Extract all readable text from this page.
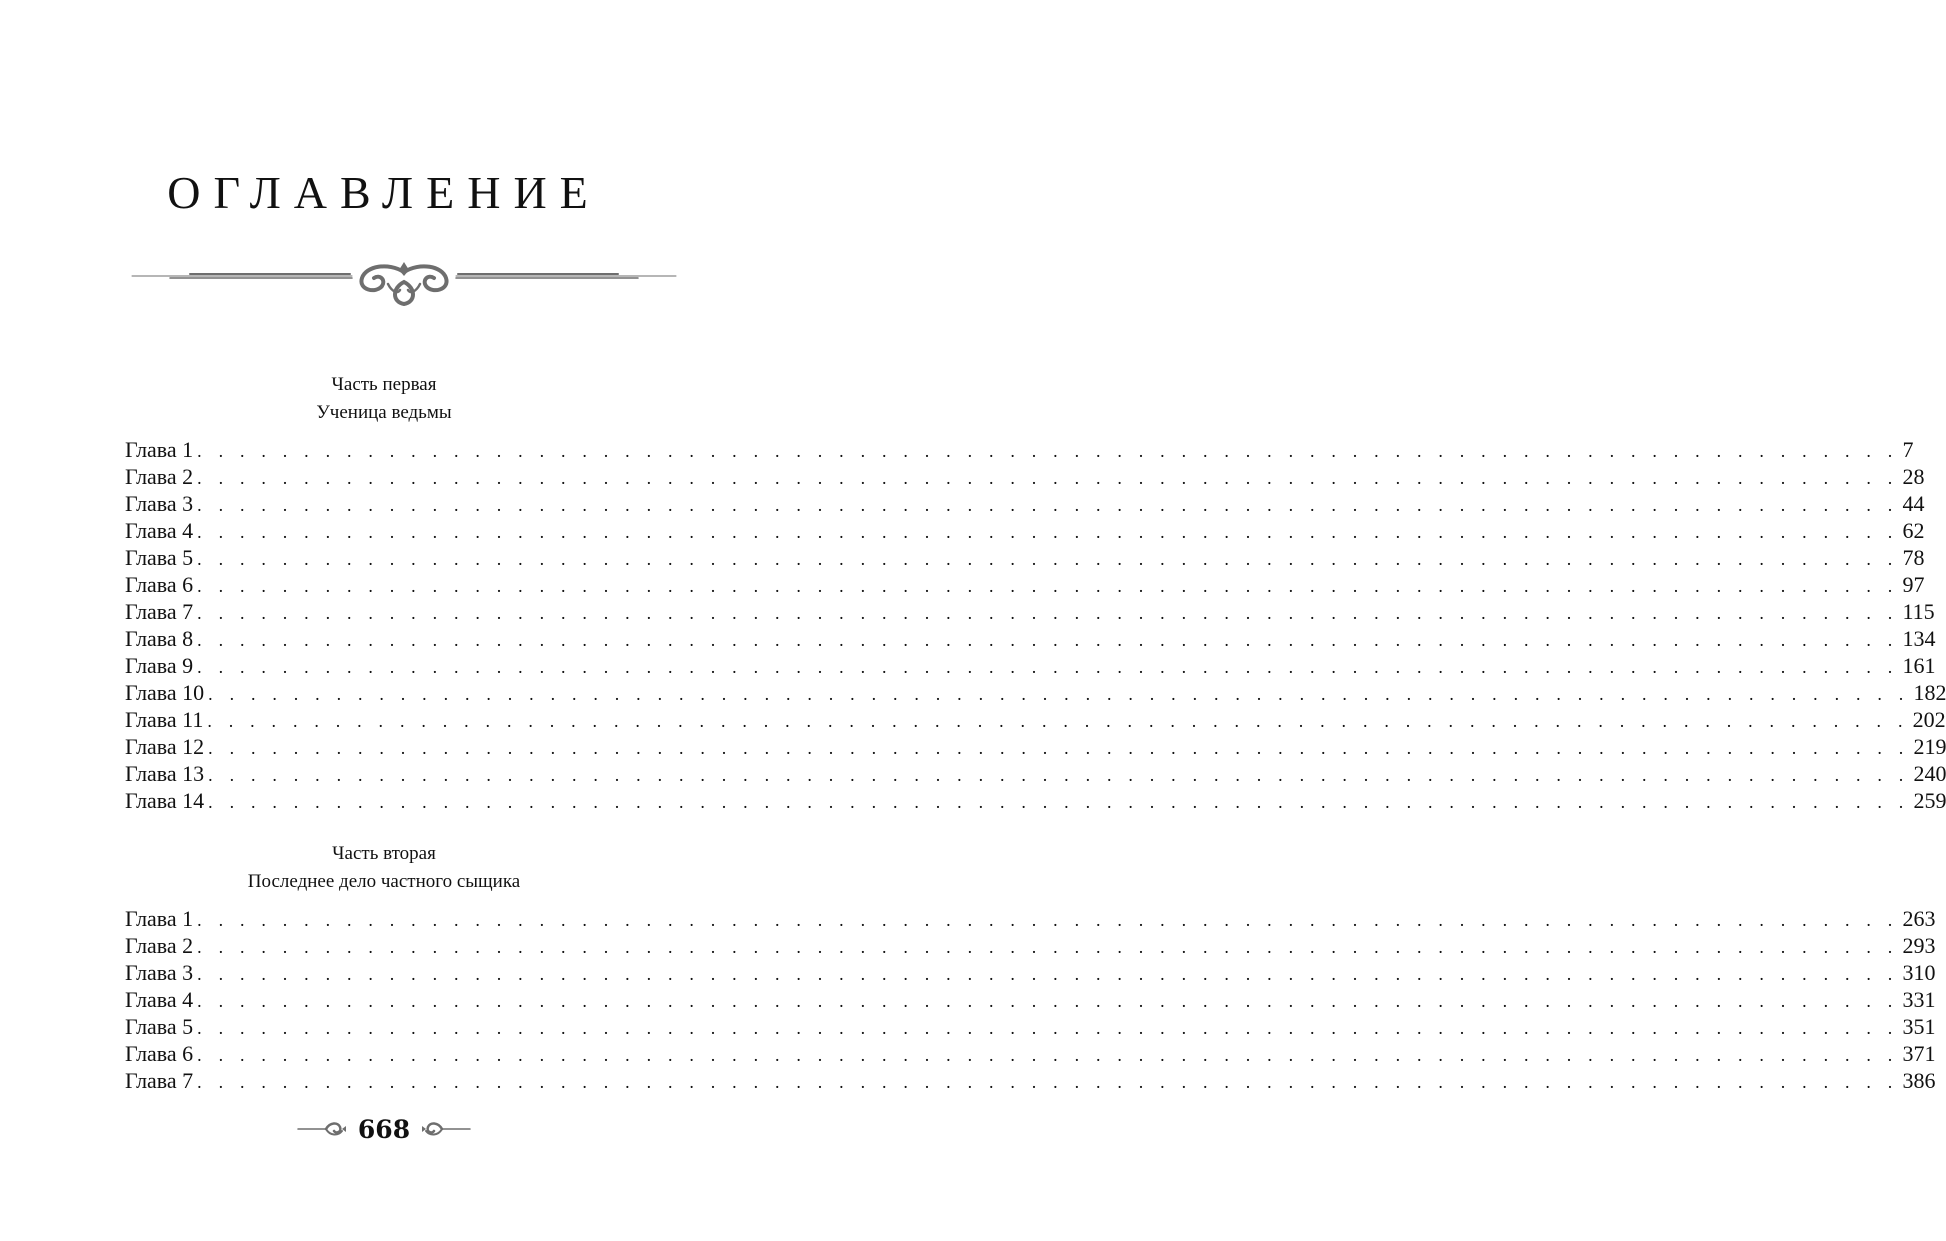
ОГЛАВЛЕНИЕ
Часть первая
Ученица ведьмы
Глава 1 . . . . . . . . . . . . . . . . . . . . . . . . . . . . . . . . . . . . . . . . . . . . . . . . . . . . . . . . . . . . . . . . . . . . . . . . . . . . . . . . 7
Глава 2 . . . . . . . . . . . . . . . . . . . . . . . . . . . . . . . . . . . . . . . . . . . . . . . . . . . . . . . . . . . . . . . . . . . . . . . . . . . . . . . . 28
Глава 3 . . . . . . . . . . . . . . . . . . . . . . . . . . . . . . . . . . . . . . . . . . . . . . . . . . . . . . . . . . . . . . . . . . . . . . . . . . . . . . . . 44
Глава 4 . . . . . . . . . . . . . . . . . . . . . . . . . . . . . . . . . . . . . . . . . . . . . . . . . . . . . . . . . . . . . . . . . . . . . . . . . . . . . . . . 62
Глава 5 . . . . . . . . . . . . . . . . . . . . . . . . . . . . . . . . . . . . . . . . . . . . . . . . . . . . . . . . . . . . . . . . . . . . . . . . . . . . . . . . 78
Глава 6 . . . . . . . . . . . . . . . . . . . . . . . . . . . . . . . . . . . . . . . . . . . . . . . . . . . . . . . . . . . . . . . . . . . . . . . . . . . . . . . . 97
Глава 7 . . . . . . . . . . . . . . . . . . . . . . . . . . . . . . . . . . . . . . . . . . . . . . . . . . . . . . . . . . . . . . . . . . . . . . . . . . . . . . . . 115
Глава 8 . . . . . . . . . . . . . . . . . . . . . . . . . . . . . . . . . . . . . . . . . . . . . . . . . . . . . . . . . . . . . . . . . . . . . . . . . . . . . . . . 134
Глава 9 . . . . . . . . . . . . . . . . . . . . . . . . . . . . . . . . . . . . . . . . . . . . . . . . . . . . . . . . . . . . . . . . . . . . . . . . . . . . . . . . 161
Глава 10 . . . . . . . . . . . . . . . . . . . . . . . . . . . . . . . . . . . . . . . . . . . . . . . . . . . . . . . . . . . . . . . . . . . . . . . . . . . . . . . . 182
Глава 11 . . . . . . . . . . . . . . . . . . . . . . . . . . . . . . . . . . . . . . . . . . . . . . . . . . . . . . . . . . . . . . . . . . . . . . . . . . . . . . . . 202
Глава 12 . . . . . . . . . . . . . . . . . . . . . . . . . . . . . . . . . . . . . . . . . . . . . . . . . . . . . . . . . . . . . . . . . . . . . . . . . . . . . . . . 219
Глава 13 . . . . . . . . . . . . . . . . . . . . . . . . . . . . . . . . . . . . . . . . . . . . . . . . . . . . . . . . . . . . . . . . . . . . . . . . . . . . . . . . 240
Глава 14 . . . . . . . . . . . . . . . . . . . . . . . . . . . . . . . . . . . . . . . . . . . . . . . . . . . . . . . . . . . . . . . . . . . . . . . . . . . . . . . . 259
Часть вторая
Последнее дело частного сыщика
Глава 1 . . . . . . . . . . . . . . . . . . . . . . . . . . . . . . . . . . . . . . . . . . . . . . . . . . . . . . . . . . . . . . . . . . . . . . . . . . . . . . . . 263
Глава 2 . . . . . . . . . . . . . . . . . . . . . . . . . . . . . . . . . . . . . . . . . . . . . . . . . . . . . . . . . . . . . . . . . . . . . . . . . . . . . . . . 293
Глава 3 . . . . . . . . . . . . . . . . . . . . . . . . . . . . . . . . . . . . . . . . . . . . . . . . . . . . . . . . . . . . . . . . . . . . . . . . . . . . . . . . 310
Глава 4 . . . . . . . . . . . . . . . . . . . . . . . . . . . . . . . . . . . . . . . . . . . . . . . . . . . . . . . . . . . . . . . . . . . . . . . . . . . . . . . . 331
Глава 5 . . . . . . . . . . . . . . . . . . . . . . . . . . . . . . . . . . . . . . . . . . . . . . . . . . . . . . . . . . . . . . . . . . . . . . . . . . . . . . . . 351
Глава 6 . . . . . . . . . . . . . . . . . . . . . . . . . . . . . . . . . . . . . . . . . . . . . . . . . . . . . . . . . . . . . . . . . . . . . . . . . . . . . . . . 371
Глава 7 . . . . . . . . . . . . . . . . . . . . . . . . . . . . . . . . . . . . . . . . . . . . . . . . . . . . . . . . . . . . . . . . . . . . . . . . . . . . . . . . 386
668
